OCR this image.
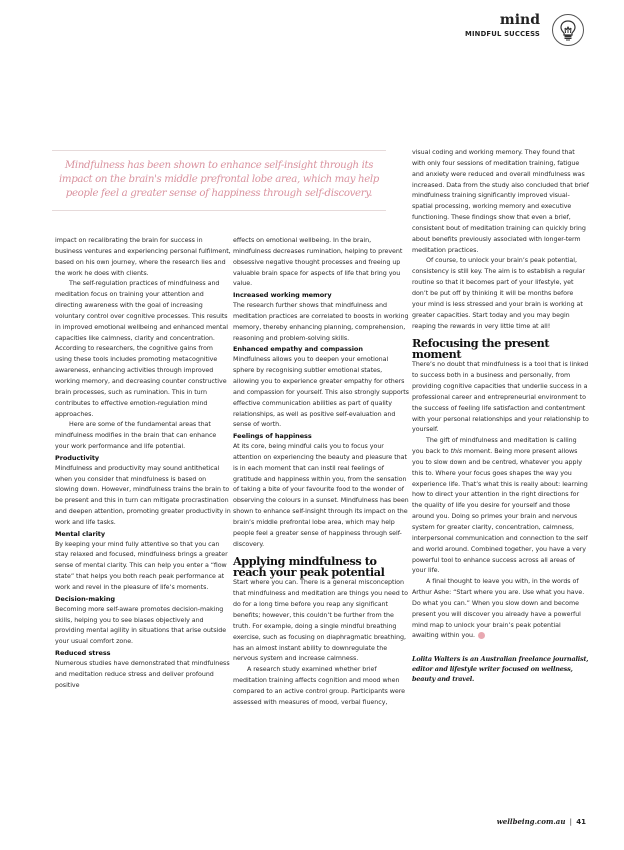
mind
MINDFUL SUCCESS

Mindfulness has been shown to enhance self-insight through its impact on the brain's middle prefrontal lobe area, which may help people feel a greater sense of happiness through self-discovery.

impact on recalibrating the brain for success in business ventures and experiencing personal fulfilment, based on his own journey, where the research lies and the work he does with clients.

The self-regulation practices of mindfulness and meditation focus on training your attention and directing awareness with the goal of increasing voluntary control over cognitive processes. This results in improved emotional wellbeing and enhanced mental capacities like calmness, clarity and concentration. According to researchers, the cognitive gains from using these tools includes promoting metacognitive awareness, enhancing activities through improved working memory, and decreasing counter constructive brain processes, such as rumination. This in turn contributes to effective emotion-regulation mind approaches.

Here are some of the fundamental areas that mindfulness modifies in the brain that can enhance your work performance and life potential.

Productivity

Mindfulness and productivity may sound antithetical when you consider that mindfulness is based on slowing down. However, mindfulness trains the brain to be present and this in turn can mitigate procrastination and deepen attention, promoting greater productivity in work and life tasks.

Mental clarity

By keeping your mind fully attentive so that you can stay relaxed and focused, mindfulness brings a greater sense of mental clarity. This can help you enter a “flow state” that helps you both reach peak performance at work and revel in the pleasure of life’s moments.

Decision-making

Becoming more self-aware promotes decision-making skills, helping you to see biases objectively and providing mental agility in situations that arise outside your usual comfort zone.

Reduced stress

Numerous studies have demonstrated that mindfulness and meditation reduce stress and deliver profound positive

effects on emotional wellbeing. In the brain, mindfulness decreases rumination, helping to prevent obsessive negative thought processes and freeing up valuable brain space for aspects of life that bring you value.

Increased working memory

The research further shows that mindfulness and meditation practices are correlated to boosts in working memory, thereby enhancing planning, comprehension, reasoning and problem-solving skills.

Enhanced empathy and compassion

Mindfulness allows you to deepen your emotional sphere by recognising subtler emotional states, allowing you to experience greater empathy for others and compassion for yourself. This also strongly supports effective communication abilities as part of quality relationships, as well as positive self-evaluation and sense of worth.

Feelings of happiness

At its core, being mindful calls you to focus your attention on experiencing the beauty and pleasure that is in each moment that can instil real feelings of gratitude and happiness within you, from the sensation of taking a bite of your favourite food to the wonder of observing the colours in a sunset. Mindfulness has been shown to enhance self-insight through its impact on the brain’s middle prefrontal lobe area, which may help people feel a greater sense of happiness through self-discovery.

Applying mindfulness to reach your peak potential

Start where you can. There is a general misconception that mindfulness and meditation are things you need to do for a long time before you reap any significant benefits; however, this couldn’t be further from the truth. For example, doing a single mindful breathing exercise, such as focusing on diaphragmatic breathing, has an almost instant ability to downregulate the nervous system and increase calmness.

A research study examined whether brief meditation training affects cognition and mood when compared to an active control group. Participants were assessed with measures of mood, verbal fluency,

visual coding and working memory. They found that with only four sessions of meditation training, fatigue and anxiety were reduced and overall mindfulness was increased. Data from the study also concluded that brief mindfulness training significantly improved visual-spatial processing, working memory and executive functioning. These findings show that even a brief, consistent bout of meditation training can quickly bring about benefits previously associated with longer-term meditation practices.

Of course, to unlock your brain’s peak potential, consistency is still key. The aim is to establish a regular routine so that it becomes part of your lifestyle, yet don’t be put off by thinking it will be months before your mind is less stressed and your brain is working at greater capacities. Start today and you may begin reaping the rewards in very little time at all!

Refocusing the present moment

There’s no doubt that mindfulness is a tool that is linked to success both in a business and personally, from providing cognitive capacities that underlie success in a professional career and entrepreneurial environment to the success of feeling life satisfaction and contentment with your personal relationships and your relationship to yourself.

The gift of mindfulness and meditation is calling you back to this moment. Being more present allows you to slow down and be centred, whatever you apply this to. Where your focus goes shapes the way you experience life. That’s what this is really about: learning how to direct your attention in the right directions for the quality of life you desire for yourself and those around you. Doing so primes your brain and nervous system for greater clarity, concentration, calmness, interpersonal communication and connection to the self and world around. Combined together, you have a very powerful tool to enhance success across all areas of your life.

A final thought to leave you with, in the words of Arthur Ashe: “Start where you are. Use what you have. Do what you can.” When you slow down and become present you will discover you already have a powerful mind map to unlock your brain’s peak potential awaiting within you.

Lolita Walters is an Australian freelance journalist, editor and lifestyle writer focused on wellness, beauty and travel.

wellbeing.com.au | 41
